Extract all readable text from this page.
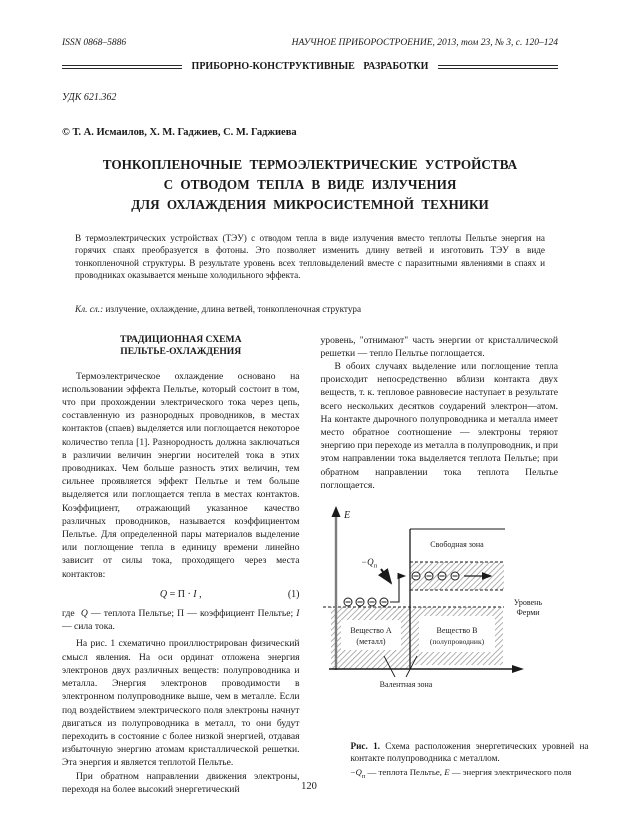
ISSN 0868–5886	НАУЧНОЕ ПРИБОРОСТРОЕНИЕ, 2013, том 23, № 3, с. 120–124
ПРИБОРНО-КОНСТРУКТИВНЫЕ РАЗРАБОТКИ
УДК 621.362
© Т. А. Исмаилов, Х. М. Гаджиев, С. М. Гаджиева
ТОНКОПЛЕНОЧНЫЕ ТЕРМОЭЛЕКТРИЧЕСКИЕ УСТРОЙСТВА
С ОТВОДОМ ТЕПЛА В ВИДЕ ИЗЛУЧЕНИЯ
ДЛЯ ОХЛАЖДЕНИЯ МИКРОСИСТЕМНОЙ ТЕХНИКИ
В термоэлектрических устройствах (ТЭУ) с отводом тепла в виде излучения вместо теплоты Пельтье энергия на горячих спаях преобразуется в фотоны. Это позволяет изменить длину ветвей и изготовить ТЭУ в виде тонкопленочной структуры. В результате уровень всех тепловыделений вместе с паразитными явлениями в спаях и проводниках оказывается меньше холодильного эффекта.
Кл. сл.: излучение, охлаждение, длина ветвей, тонкопленочная структура
ТРАДИЦИОННАЯ СХЕМА
ПЕЛЬТЬЕ-ОХЛАЖДЕНИЯ
Термоэлектрическое охлаждение основано на использовании эффекта Пельтье, который состоит в том, что при прохождении электрического тока через цепь, составленную из разнородных проводников, в местах контактов (спаев) выделяется или поглощается некоторое количество тепла [1]. Разнородность должна заключаться в различии величин энергии носителей тока в этих проводниках. Чем больше разность этих величин, тем сильнее проявляется эффект Пельтье и тем больше выделяется или поглощается тепла в местах контактов. Коэффициент, отражающий указанное качество различных проводников, называется коэффициентом Пельтье. Для определенной пары материалов выделение или поглощение тепла в единицу времени линейно зависит от силы тока, проходящего через места контактов:
Q = П · I ,	(1)
где  Q — теплота Пельтье; П — коэффициент Пельтье; I — сила тока.
На рис. 1 схематично проиллюстрирован физический смысл явления. На оси ординат отложена энергия электронов двух различных веществ: полупроводника и металла. Энергия электронов проводимости в электронном полупроводнике выше, чем в металле. Если под воздействием электрического поля электроны начнут двигаться из полупроводника в металл, то они будут переходить в состояние с более низкой энергией, отдавая избыточную энергию атомам кристаллической решетки. Эта энергия и является теплотой Пельтье.
При обратном направлении движения электроны, переходя на более высокий энергетический
уровень, "отнимают" часть энергии от кристаллической решетки — тепло Пельтье поглощается.
В обоих случаях выделение или поглощение тепла происходит непосредственно вблизи контакта двух веществ, т. к. тепловое равновесие наступает в результате всего нескольких десятков соударений электрон—атом. На контакте дырочного полупроводника и металла имеет место обратное соотношение — электроны теряют энергию при переходе из металла в полупроводник, и при этом направлении тока выделяется теплота Пельтье; при обратном направлении тока теплота Пельтье поглощается.
$-Q_п$
E
Свободная зона
Уровень
Ферми
Вещество А
(металл)
Вещество В
(полупроводник)
Валентная зона
Рис. 1. Схема расположения энергетических уровней на контакте полупроводника с металлом.
$-Q_п$ — теплота Пельтье, E — энергия электрического поля
120
